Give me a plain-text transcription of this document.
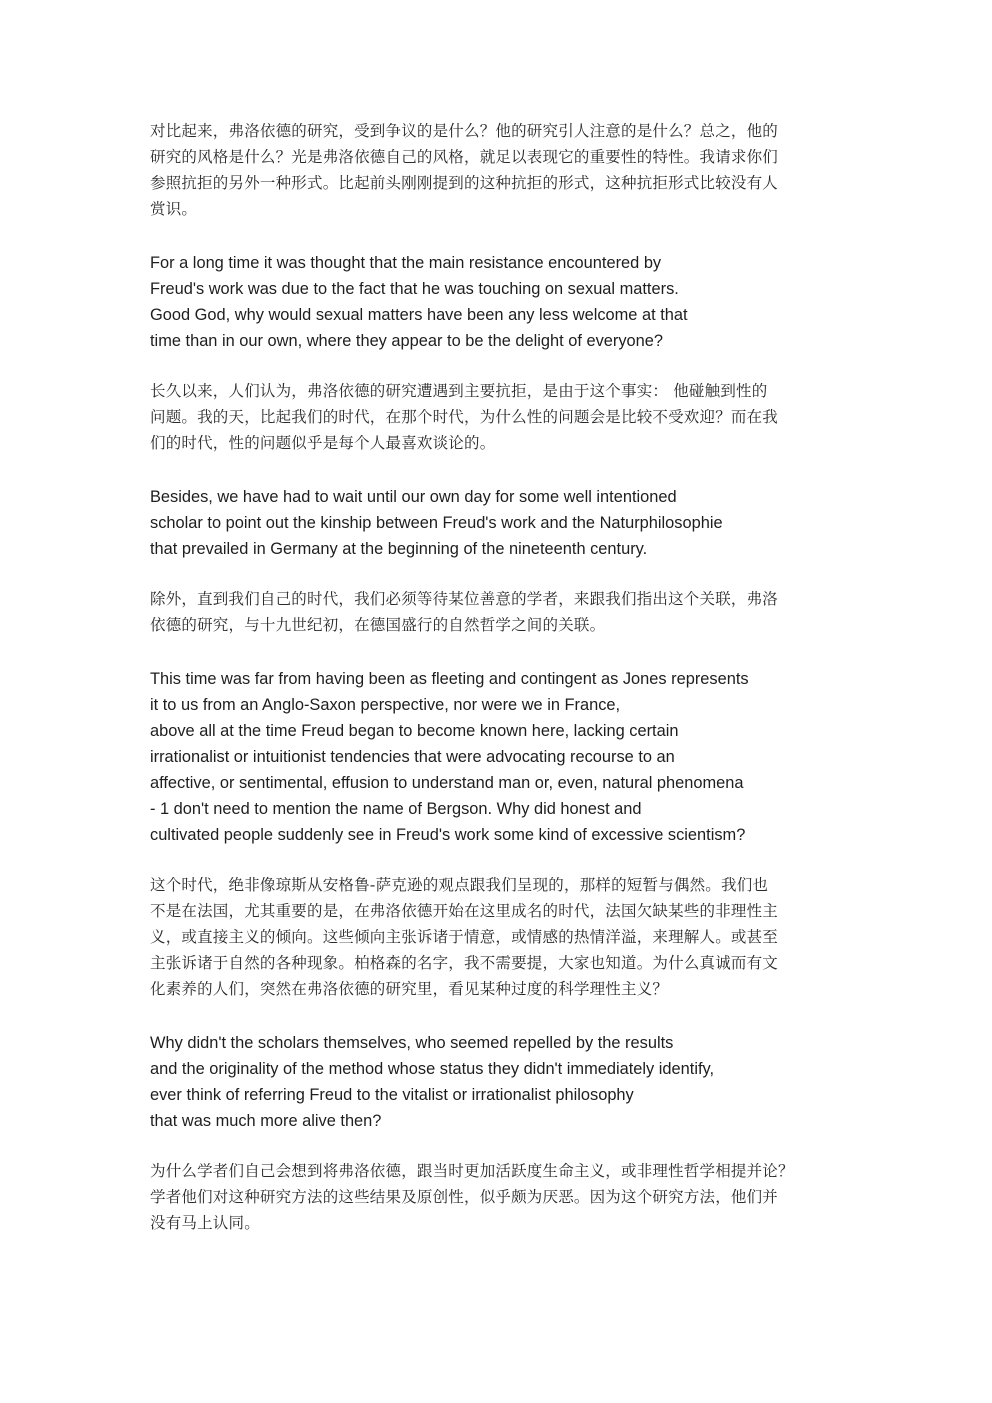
对比起来，弗洛依德的研究，受到争议的是什么？他的研究引人注意的是什么？总之，他的
研究的风格是什么？光是弗洛依德自己的风格，就足以表现它的重要性的特性。我请求你们
参照抗拒的另外一种形式。比起前头刚刚提到的这种抗拒的形式，这种抗拒形式比较没有人
赏识。
For a long time it was thought that the main resistance encountered by
Freud's work was due to the fact that he was touching on sexual matters.
Good God, why would sexual matters have been any less welcome at that
time than in our own, where they appear to be the delight of everyone?
长久以来，人们认为，弗洛依德的研究遭遇到主要抗拒，是由于这个事实： 他碰触到性的
问题。我的天，比起我们的时代，在那个时代，为什么性的问题会是比较不受欢迎？而在我
们的时代，性的问题似乎是每个人最喜欢谈论的。
Besides, we have had to wait until our own day for some well intentioned
scholar to point out the kinship between Freud's work and the Naturphilosophie
that prevailed in Germany at the beginning of the nineteenth century.
除外，直到我们自己的时代，我们必须等待某位善意的学者，来跟我们指出这个关联，弗洛
依德的研究，与十九世纪初，在德国盛行的自然哲学之间的关联。
This time was far from having been as fleeting and contingent as Jones represents
it to us from an Anglo-Saxon perspective, nor were we in France,
above all at the time Freud began to become known here, lacking certain
irrationalist or intuitionist tendencies that were advocating recourse to an
affective, or sentimental, effusion to understand man or, even, natural phenomena
- 1 don't need to mention the name of Bergson. Why did honest and
cultivated people suddenly see in Freud's work some kind of excessive scientism?
这个时代，绝非像琼斯从安格鲁-萨克逊的观点跟我们呈现的，那样的短暂与偶然。我们也
不是在法国，尤其重要的是，在弗洛依德开始在这里成名的时代，法国欠缺某些的非理性主
义，或直接主义的倾向。这些倾向主张诉诸于情意，或情感的热情洋溢，来理解人。或甚至
主张诉诸于自然的各种现象。柏格森的名字，我不需要提，大家也知道。为什么真诚而有文
化素养的人们，突然在弗洛依德的研究里，看见某种过度的科学理性主义？
Why didn't the scholars themselves, who seemed repelled by the results
and the originality of the method whose status they didn't immediately identify,
ever think of referring Freud to the vitalist or irrationalist philosophy
that was much more alive then?
为什么学者们自己会想到将弗洛依德，跟当时更加活跃度生命主义，或非理性哲学相提并论？
学者他们对这种研究方法的这些结果及原创性，似乎颇为厌恶。因为这个研究方法，他们并
没有马上认同。
